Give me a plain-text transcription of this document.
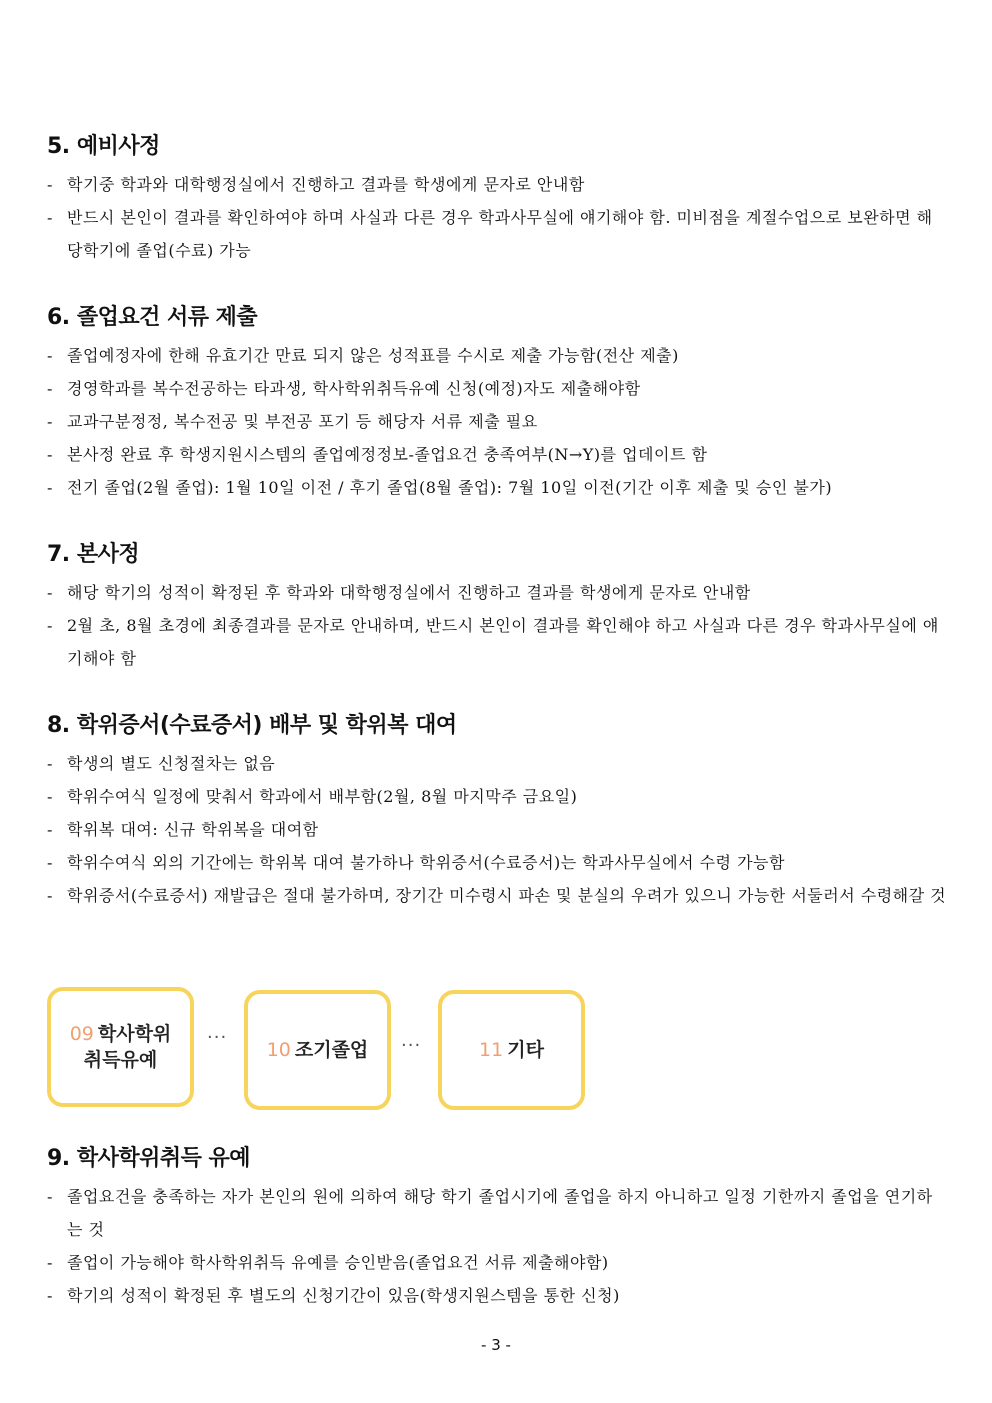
5. 예비사정
- 학기중 학과와 대학행정실에서 진행하고 결과를 학생에게 문자로 안내함
- 반드시 본인이 결과를 확인하여야 하며 사실과 다른 경우 학과사무실에 얘기해야 함. 미비점을 계절수업으로 보완하면 해당학기에 졸업(수료) 가능
6. 졸업요건 서류 제출
- 졸업예정자에 한해 유효기간 만료 되지 않은 성적표를 수시로 제출 가능함(전산 제출)
- 경영학과를 복수전공하는 타과생, 학사학위취득유예 신청(예정)자도 제출해야함
- 교과구분정정, 복수전공 및 부전공 포기 등 해당자 서류 제출 필요
- 본사정 완료 후 학생지원시스템의 졸업예정정보-졸업요건 충족여부(N→Y)를 업데이트 함
- 전기 졸업(2월 졸업): 1월 10일 이전 / 후기 졸업(8월 졸업): 7월 10일 이전(기간 이후 제출 및 승인 불가)
7. 본사정
- 해당 학기의 성적이 확정된 후 학과와 대학행정실에서 진행하고 결과를 학생에게 문자로 안내함
- 2월 초, 8월 초경에 최종결과를 문자로 안내하며, 반드시 본인이 결과를 확인해야 하고 사실과 다른 경우 학과사무실에 얘기해야 함
8. 학위증서(수료증서) 배부 및 학위복 대여
- 학생의 별도 신청절차는 없음
- 학위수여식 일정에 맞춰서 학과에서 배부함(2월, 8월 마지막주 금요일)
- 학위복 대여: 신규 학위복을 대여함
- 학위수여식 외의 기간에는 학위복 대여 불가하나 학위증서(수료증서)는 학과사무실에서 수령 가능함
- 학위증서(수료증서) 재발급은 절대 불가하며, 장기간 미수령시 파손 및 분실의 우려가 있으니 가능한 서둘러서 수령해갈 것
09 학사학위
취득유예
···
10 조기졸업 ···	11 기타
9. 학사학위취득 유예
- 졸업요건을 충족하는 자가 본인의 원에 의하여 해당 학기 졸업시기에 졸업을 하지 아니하고 일정 기한까지 졸업을 연기하는 것
- 졸업이 가능해야 학사학위취득 유예를 승인받음(졸업요건 서류 제출해야함)
- 학기의 성적이 확정된 후 별도의 신청기간이 있음(학생지원스템을 통한 신청)
- 3 -
